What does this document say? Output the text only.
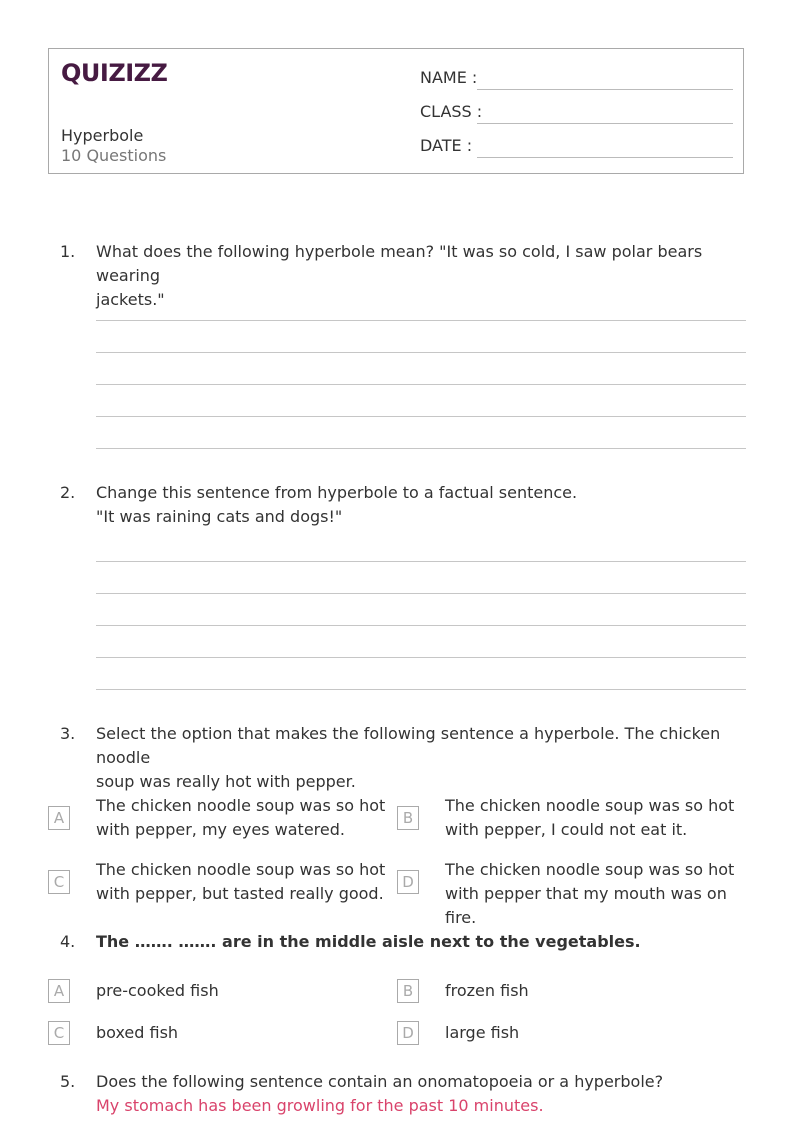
QUIZIZZ
Hyperbole
10 Questions
NAME :
CLASS :
DATE :
1. What does the following hyperbole mean? "It was so cold, I saw polar bears wearing
jackets."
2. Change this sentence from hyperbole to a factual sentence.
"It was raining cats and dogs!"
3. Select the option that makes the following sentence a hyperbole. The chicken noodle
soup was really hot with pepper.
A
The chicken noodle soup was so hot
with pepper, my eyes watered.
B
The chicken noodle soup was so hot
with pepper, I could not eat it.
C
The chicken noodle soup was so hot
with pepper, but tasted really good.
D
The chicken noodle soup was so hot
with pepper that my mouth was on fire.
4. The ……. ……. are in the middle aisle next to the vegetables.
A	pre-cooked fish	B	frozen fish
C	boxed fish	D	large fish
5. Does the following sentence contain an onomatopoeia or a hyperbole?
My stomach has been growling for the past 10 minutes.
